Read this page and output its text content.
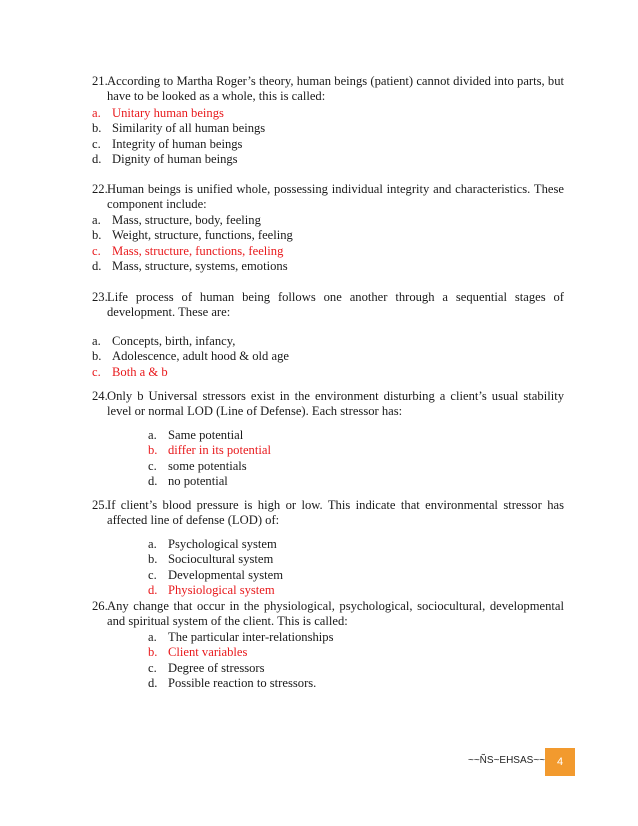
21. According to Martha Roger’s theory, human beings (patient) cannot divided into parts, but have to be looked as a whole, this is called:
a. Unitary human beings
b. Similarity of all human beings
c. Integrity of human beings
d. Dignity of human beings
22. Human beings is unified whole, possessing individual integrity and characteristics. These component include:
a. Mass, structure, body, feeling
b. Weight, structure, functions, feeling
c. Mass, structure, functions, feeling
d. Mass, structure, systems, emotions
23. Life process of human being follows one another through a sequential stages of development. These are:
a. Concepts, birth, infancy,
b. Adolescence, adult hood & old age
c. Both a & b
24. Only b Universal stressors exist in the environment disturbing a client’s usual stability level or normal LOD (Line of Defense). Each stressor has:
a. Same potential
b. differ in its potential
c. some potentials
d. no potential
25. If client’s blood pressure is high or low. This indicate that environmental stressor has affected line of defense (LOD) of:
a. Psychological system
b. Sociocultural system
c. Developmental system
d. Physiological system
26. Any change that occur in the physiological, psychological, sociocultural, developmental and spiritual system of the client. This is called:
a. The particular inter-relationships
b. Client variables
c. Degree of stressors
d. Possible reaction to stressors.
~~ÑS~EHSAS~~	4
